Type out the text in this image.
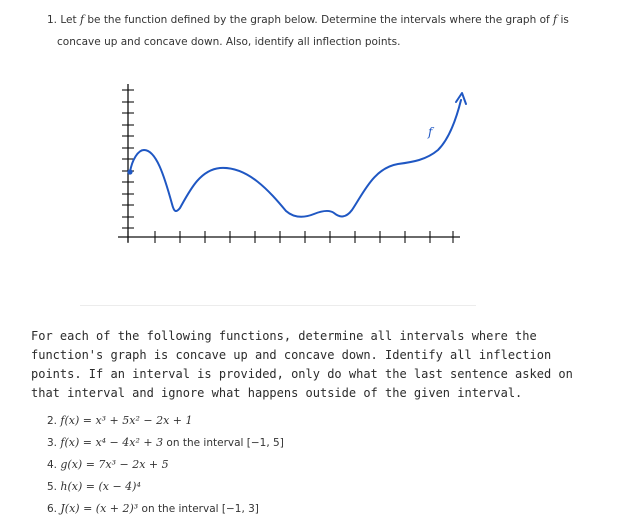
1. Let f be the function defined by the graph below. Determine the intervals where the graph of f is
concave up and concave down. Also, identify all inflection points.
f
For each of the following functions, determine all intervals where the function's graph is concave up and concave down. Identify all inflection points. If an interval is provided, only do what the last sentence asked on that interval and ignore what happens outside of the given interval.
2. f(x) = x³ + 5x² − 2x + 1
3. f(x) = x⁴ − 4x² + 3 on the interval [−1, 5]
4. g(x) = 7x³ − 2x + 5
5. h(x) = (x − 4)⁴
6. J(x) = (x + 2)³ on the interval [−1, 3]
